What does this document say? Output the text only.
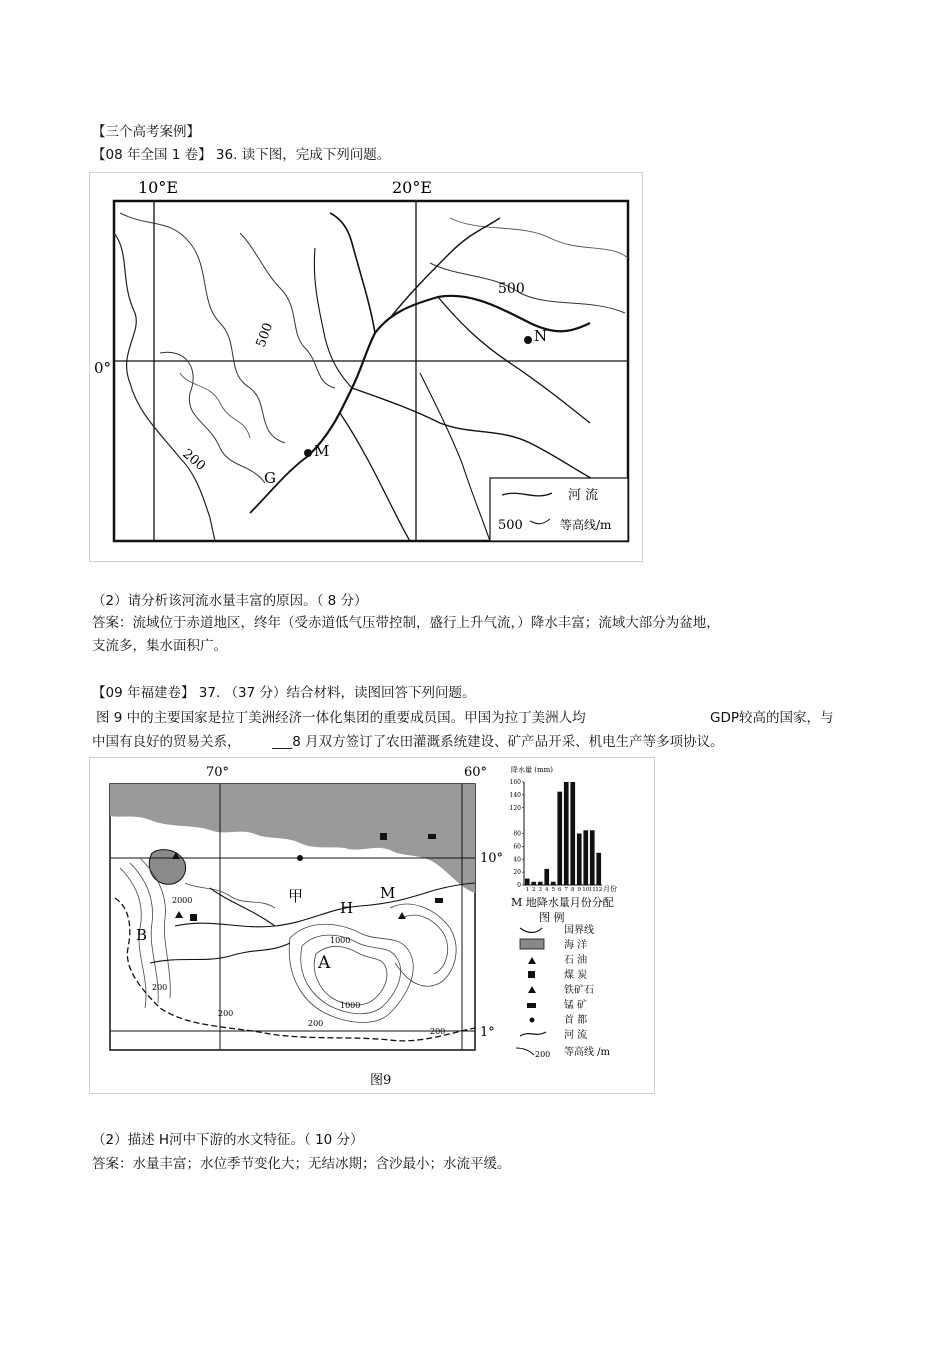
【三个高考案例】
【08 年全国 1 卷】 36. 读下图，完成下列问题。
10°E	20°E
0°
500
500
200
N
M
G
河 流
500	等高线/m
（2）请分析该河流水量丰富的原因。（ 8 分）
答案：流域位于赤道地区，终年（受赤道低气压带控制，盛行上升气流，）降水丰富；流域大部分为盆地，
支流多，集水面积广。
【09 年福建卷】 37. （37 分）结合材料，读图回答下列问题。
图 9 中的主要国家是拉丁美洲经济一体化集团的重要成员国。甲国为拉丁美洲人均	GDP较高的国家，与
中国有良好的贸易关系， ___8 月双方签订了农田灌溉系统建设、矿产品开采、机电生产等多项协议。
70°	60°
10°
1°
A
B
甲
H
M
2000
200
1000
200
1000
200
200
图9
降水量 (mm)
0
20
40
60
80
120
140
160
1 2 3 4 5 6 7 8 9 10 11 12 月份
M 地降水量月份分配
图 例
200
国界线
海 洋
石 油
煤 炭
铁矿石
锰 矿
首 都
河 流
等高线 /m
（2）描述 H河中下游的水文特征。（ 10 分）
答案：水量丰富；水位季节变化大；无结冰期；含沙最小；水流平缓。
